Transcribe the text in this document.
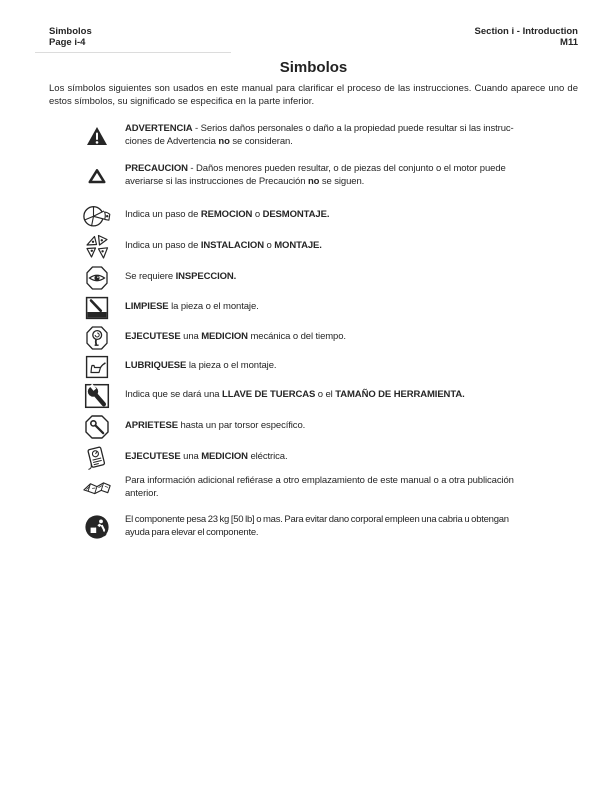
Simbolos
Page i-4
Section i - Introduction
M11
Simbolos

Los símbolos siguientes son usados en este manual para clarificar el proceso de las instrucciones. Cuando aparece uno de estos símbolos, su significado se especifica en la parte inferior.

ADVERTENCIA - Serios daños personales o daño a la propiedad puede resultar si las instruc-
ciones de Advertencia no se consideran.

PRECAUCION - Daños menores pueden resultar, o de piezas del conjunto o el motor puede
averiarse si las instrucciones de Precaución no se siguen.

Indica un paso de REMOCION o DESMONTAJE.

Indica un paso de INSTALACION o MONTAJE.

Se requiere INSPECCION.

LIMPIESE la pieza o el montaje.

EJECUTESE una MEDICION mecánica o del tiempo.

LUBRIQUESE la pieza o el montaje.

Indica que se dará una LLAVE DE TUERCAS o el TAMAÑO DE HERRAMIENTA.

APRIETESE hasta un par torsor específico.

EJECUTESE una MEDICION eléctrica.

Para información adicional refiérase a otro emplazamiento de este manual o a otra publicación
anterior.

El componente pesa 23 kg [50 lb] o mas. Para evitar dano corporal empleen una cabria u obtengan
ayuda para elevar el componente.
